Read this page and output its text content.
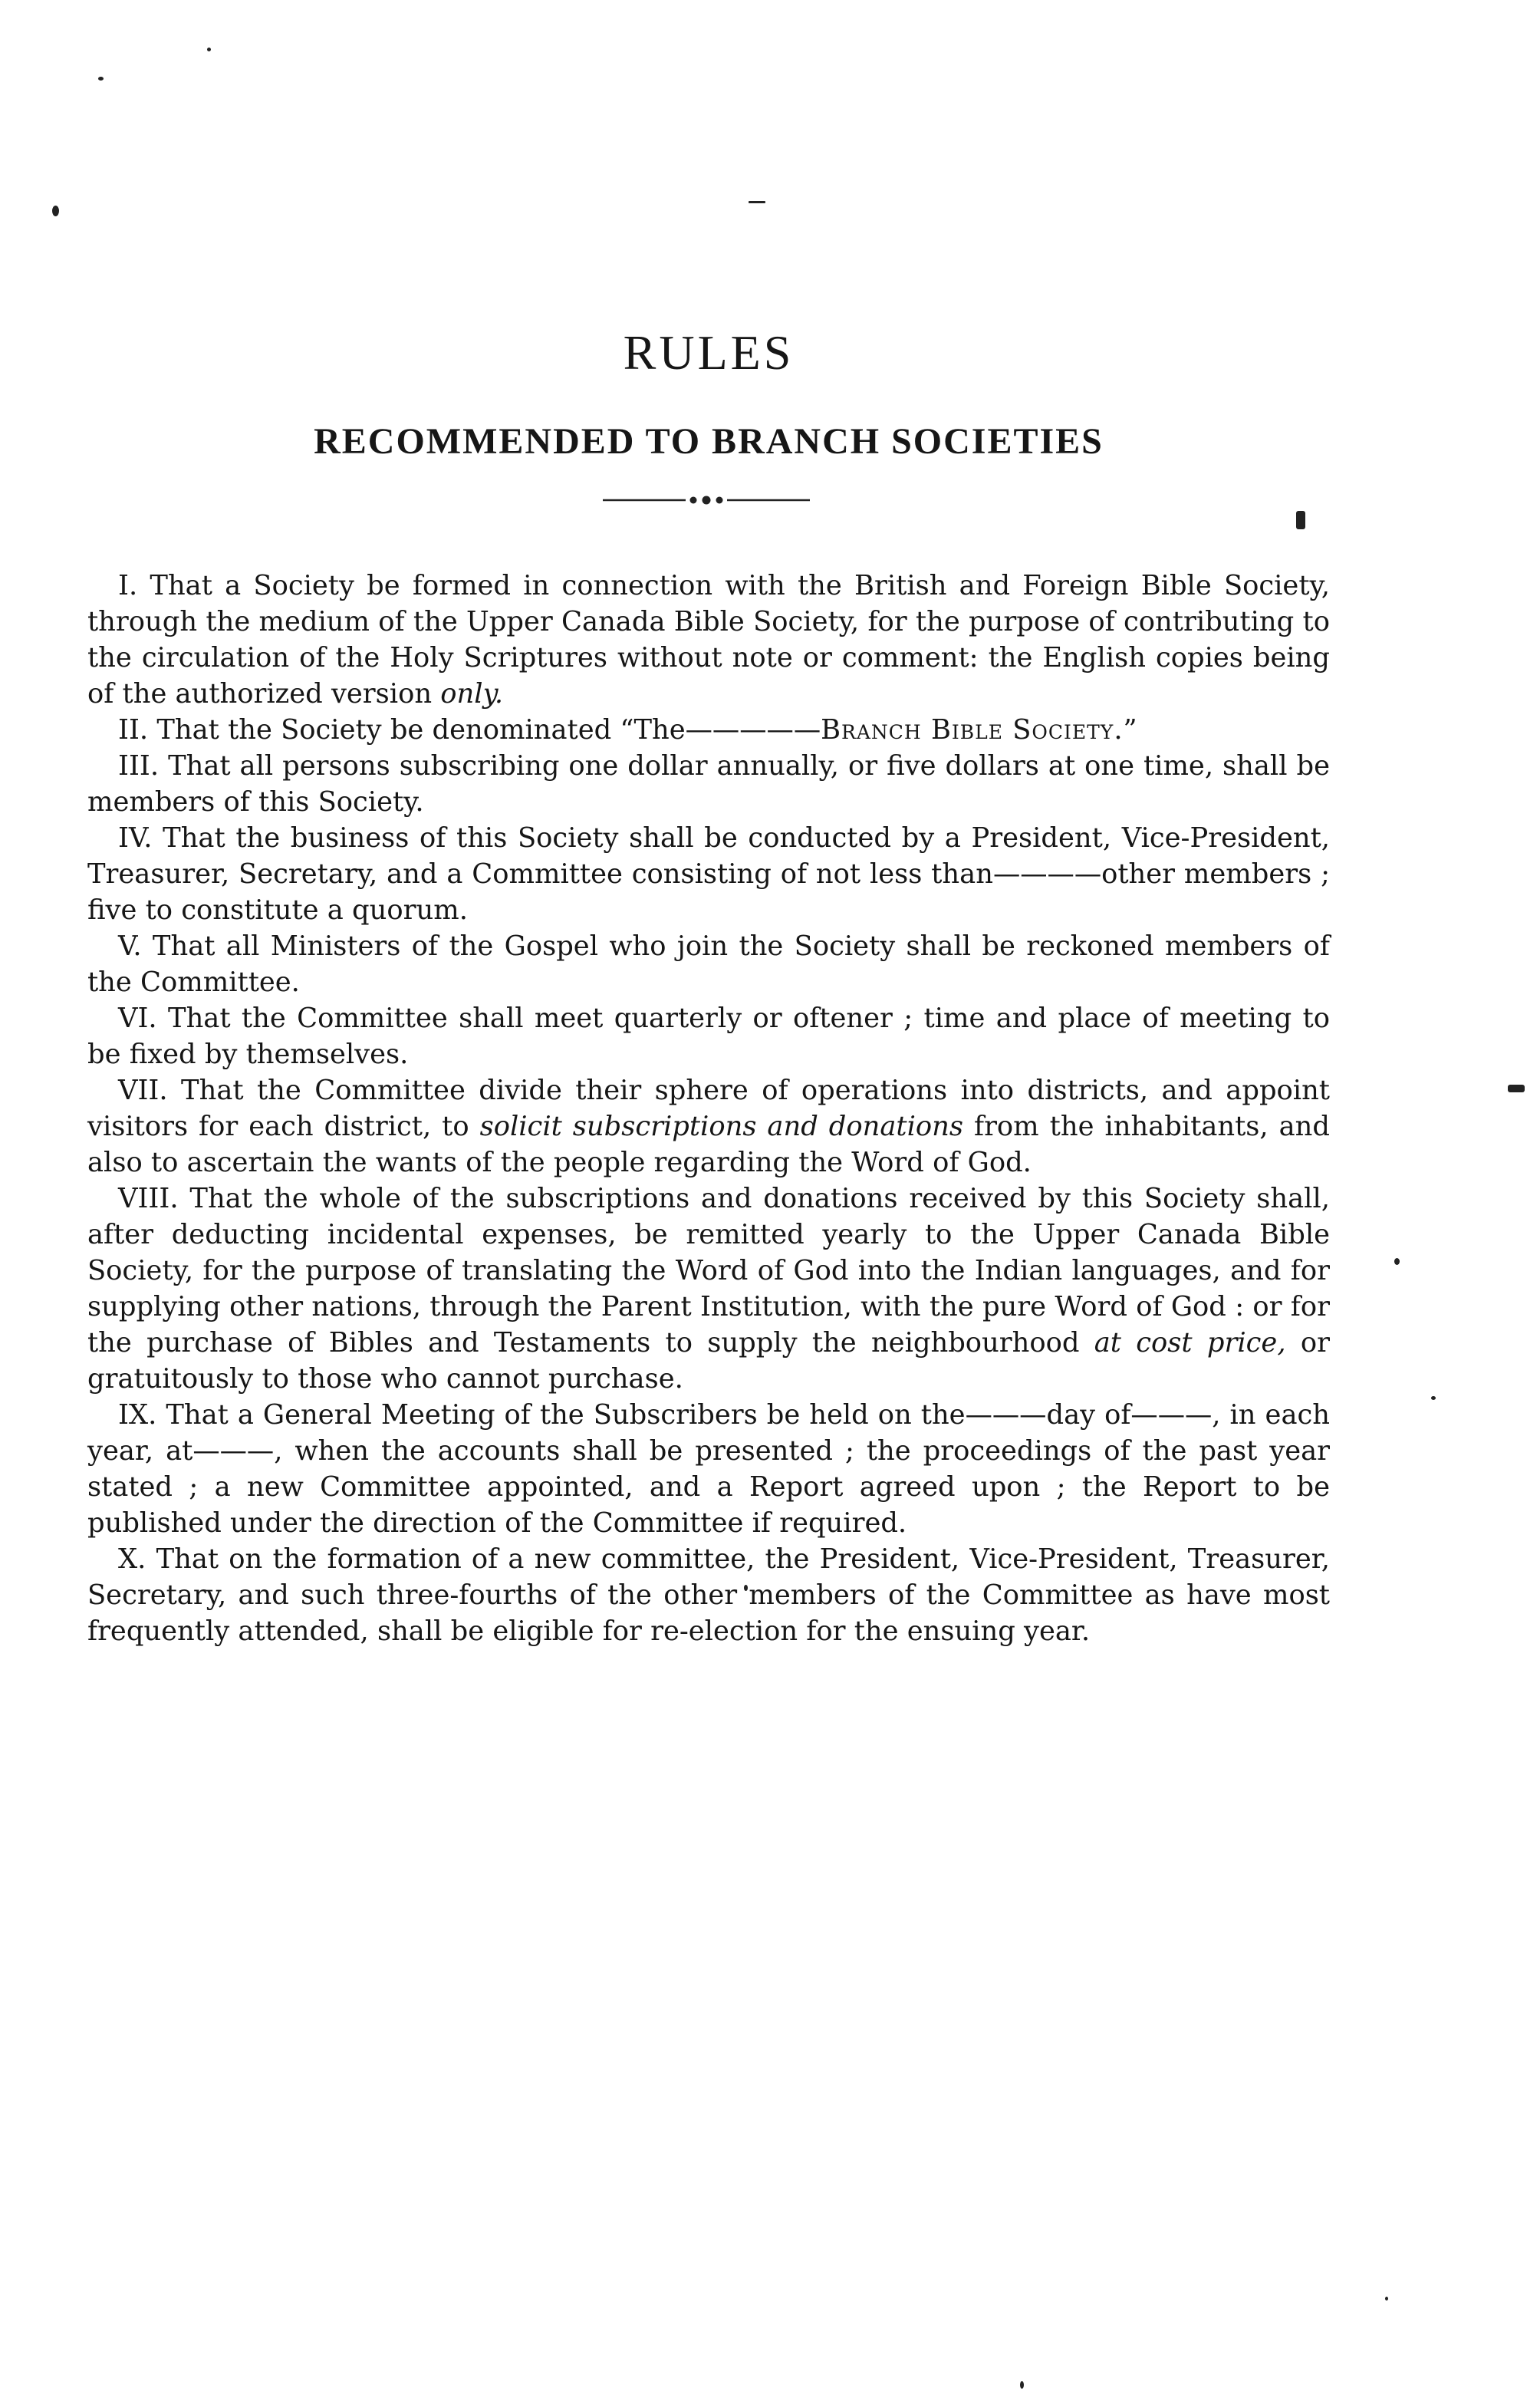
RULES
RECOMMENDED TO BRANCH SOCIETIES

I. That a Society be formed in connection with the British and Foreign Bible Society, through the medium of the Upper Canada Bible Society, for the purpose of contributing to the circulation of the Holy Scriptures without note or comment: the English copies being of the authorized version only.

II. That the Society be denominated “The—————Branch Bible Society.”

III. That all persons subscribing one dollar annually, or five dollars at one time, shall be members of this Society.

IV. That the business of this Society shall be conducted by a President, Vice-President, Treasurer, Secretary, and a Committee consisting of not less than————other members ; five to constitute a quorum.

V. That all Ministers of the Gospel who join the Society shall be reckoned members of the Committee.

VI. That the Committee shall meet quarterly or oftener ; time and place of meeting to be fixed by themselves.

VII. That the Committee divide their sphere of operations into districts, and appoint visitors for each district, to solicit subscriptions and donations from the inhabitants, and also to ascertain the wants of the people regarding the Word of God.

VIII. That the whole of the subscriptions and donations received by this Society shall, after deducting incidental expenses, be remitted yearly to the Upper Canada Bible Society, for the purpose of translating the Word of God into the Indian languages, and for supplying other nations, through the Parent Institution, with the pure Word of God : or for the purchase of Bibles and Testaments to supply the neighbourhood at cost price, or gratuitously to those who cannot purchase.

IX. That a General Meeting of the Subscribers be held on the———day of———, in each year, at———, when the accounts shall be presented ; the proceedings of the past year stated ; a new Committee appointed, and a Report agreed upon ; the Report to be published under the direction of the Committee if required.

X. That on the formation of a new committee, the President, Vice-President, Treasurer, Secretary, and such three-fourths of the other members of the Committee as have most frequently attended, shall be eligible for re-election for the ensuing year.
